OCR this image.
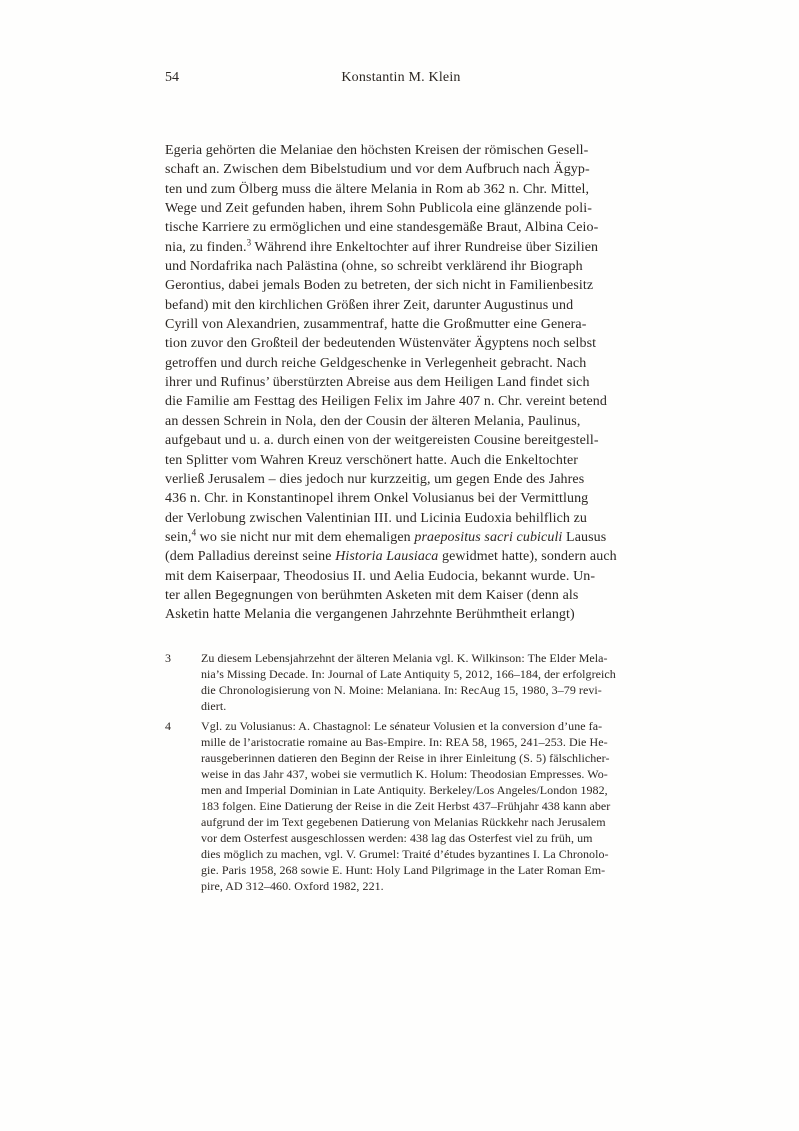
54	Konstantin M. Klein
Egeria gehörten die Melaniae den höchsten Kreisen der römischen Gesell-
schaft an. Zwischen dem Bibelstudium und vor dem Aufbruch nach Ägyp-
ten und zum Ölberg muss die ältere Melania in Rom ab 362 n. Chr. Mittel,
Wege und Zeit gefunden haben, ihrem Sohn Publicola eine glänzende poli-
tische Karriere zu ermöglichen und eine standesgemäße Braut, Albina Ceio-
nia, zu finden.$^3$ Während ihre Enkeltochter auf ihrer Rundreise über Sizilien
und Nordafrika nach Palästina (ohne, so schreibt verklärend ihr Biograph
Gerontius, dabei jemals Boden zu betreten, der sich nicht in Familienbesitz
befand) mit den kirchlichen Größen ihrer Zeit, darunter Augustinus und
Cyrill von Alexandrien, zusammentraf, hatte die Großmutter eine Genera-
tion zuvor den Großteil der bedeutenden Wüstenväter Ägyptens noch selbst
getroffen und durch reiche Geldgeschenke in Verlegenheit gebracht. Nach
ihrer und Rufinus’ überstürzten Abreise aus dem Heiligen Land findet sich
die Familie am Festtag des Heiligen Felix im Jahre 407 n. Chr. vereint betend
an dessen Schrein in Nola, den der Cousin der älteren Melania, Paulinus,
aufgebaut und u. a. durch einen von der weitgereisten Cousine bereitgestell-
ten Splitter vom Wahren Kreuz verschönert hatte. Auch die Enkeltochter
verließ Jerusalem – dies jedoch nur kurzzeitig, um gegen Ende des Jahres
436 n. Chr. in Konstantinopel ihrem Onkel Volusianus bei der Vermittlung
der Verlobung zwischen Valentinian III. und Licinia Eudoxia behilflich zu
sein,$^4$ wo sie nicht nur mit dem ehemaligen praepositus sacri cubiculi Lausus
(dem Palladius dereinst seine Historia Lausiaca gewidmet hatte), sondern auch
mit dem Kaiserpaar, Theodosius II. und Aelia Eudocia, bekannt wurde. Un-
ter allen Begegnungen von berühmten Asketen mit dem Kaiser (denn als
Asketin hatte Melania die vergangenen Jahrzehnte Berühmtheit erlangt)
3 Zu diesem Lebensjahrzehnt der älteren Melania vgl. K. Wilkinson: The Elder Mela-
nia’s Missing Decade. In: Journal of Late Antiquity 5, 2012, 166–184, der erfolgreich
die Chronologisierung von N. Moine: Melaniana. In: RecAug 15, 1980, 3–79 revi-
diert.
4 Vgl. zu Volusianus: A. Chastagnol: Le sénateur Volusien et la conversion d’une fa-
mille de l’aristocratie romaine au Bas-Empire. In: REA 58, 1965, 241–253. Die He-
rausgeberinnen datieren den Beginn der Reise in ihrer Einleitung (S. 5) fälschlicher-
weise in das Jahr 437, wobei sie vermutlich K. Holum: Theodosian Empresses. Wo-
men and Imperial Dominian in Late Antiquity. Berkeley/Los Angeles/London 1982,
183 folgen. Eine Datierung der Reise in die Zeit Herbst 437–Frühjahr 438 kann aber
aufgrund der im Text gegebenen Datierung von Melanias Rückkehr nach Jerusalem
vor dem Osterfest ausgeschlossen werden: 438 lag das Osterfest viel zu früh, um
dies möglich zu machen, vgl. V. Grumel: Traité d’études byzantines I. La Chronolo-
gie. Paris 1958, 268 sowie E. Hunt: Holy Land Pilgrimage in the Later Roman Em-
pire, AD 312–460. Oxford 1982, 221.
